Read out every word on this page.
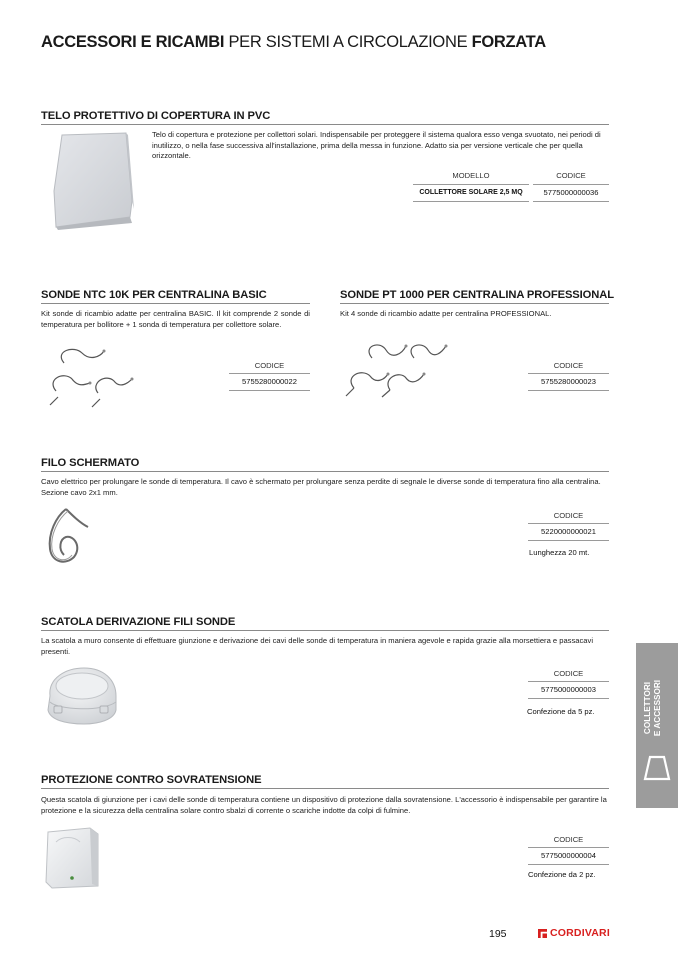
ACCESSORI E RICAMBI PER SISTEMI A CIRCOLAZIONE FORZATA
TELO PROTETTIVO DI COPERTURA IN PVC
Telo di copertura e protezione per collettori solari. Indispensabile per proteggere il sistema qualora esso venga svuotato, nei periodi di inutilizzo, o nella fase successiva all'installazione, prima della messa in funzione. Adatto sia per versione verticale che per quella orizzontale.
MODELLO	CODICE
COLLETTORE SOLARE 2,5 MQ	5775000000036
SONDE NTC 10K PER CENTRALINA BASIC
Kit sonde di ricambio adatte per centralina BASIC. Il kit comprende 2 sonde di temperatura per bollitore + 1 sonda di temperatura per collettore solare.
CODICE
5755280000022
SONDE PT 1000 PER CENTRALINA PROFESSIONAL
Kit 4 sonde di ricambio adatte per centralina PROFESSIONAL.
CODICE
5755280000023
FILO SCHERMATO
Cavo elettrico per prolungare le sonde di temperatura. Il cavo è schermato per prolungare senza perdite di segnale le diverse sonde di temperatura fino alla centralina. Sezione cavo 2x1 mm.
CODICE
5220000000021
Lunghezza 20 mt.
SCATOLA DERIVAZIONE FILI SONDE
La scatola a muro consente di effettuare giunzione e derivazione dei cavi delle sonde di temperatura in maniera agevole e rapida grazie alla morsettiera e passacavi presenti.
CODICE
5775000000003
Confezione da 5 pz.
PROTEZIONE CONTRO SOVRATENSIONE
Questa scatola di giunzione per i cavi delle sonde di temperatura contiene un dispositivo di protezione dalla sovratensione. L'accessorio è indispensabile per garantire la protezione e la sicurezza della centralina solare contro sbalzi di corrente o scariche indotte da colpi di fulmine.
CODICE
5775000000004
Confezione da 2 pz.
COLLETTORI E ACCESSORI
195	CORDIVARI
